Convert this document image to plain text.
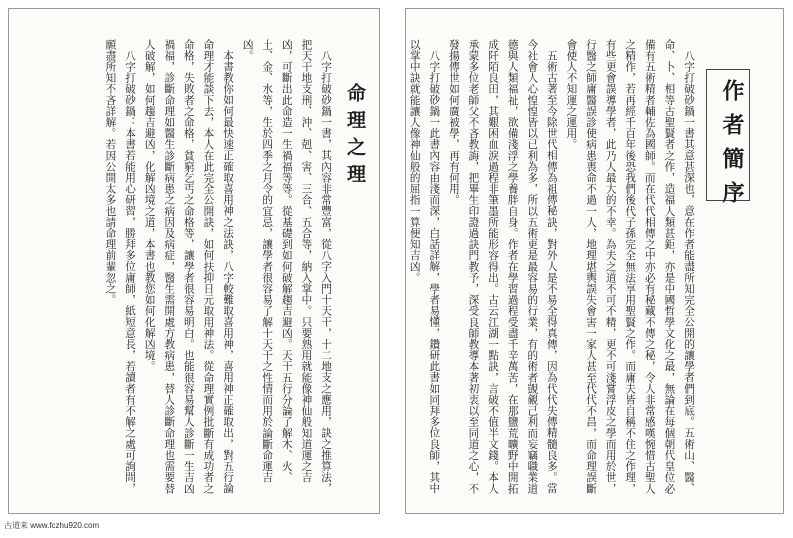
命理之理

八字打破砂鍋一書，其內容非常豐富，從八字入門十天干，十二地支之應用，訣之推算法，把天干地支刑、沖、剋、害、三合、五合等，納入掌中。只要熟用就能像神仙般知道運之吉凶，可斷出此命造一生禍福等等。從基礎到如何破解趨吉避凶。天干五行分論了解木、火、土、金、水等，生於四季之月令的宜忌，讓學者很容易了解十天干之性情而用於論斷命運吉凶。

本書教你如何最快速正確取喜用神之法訣，八字較難取喜用神，喜用神正確取出，對五行論命理才能談下去，本人在此完全公開訣，如何扶抑日元取用神法。從命理實例批斷有成功者之命格，失敗者之命格，貧窮乞丐之命格等，讓學者很容易明白。也能很容易幫人診斷一生吉凶禍福，診斷命理如醫生診斷病患之病因及病症，醫生需開處方教病患，替人診斷命理也需要替人破解，如何趨吉避凶，化解凶境之道，本書也教您如何化解凶境。

八字打破砂鍋：本書若能用心研習，勝拜多位庸師，紙短意長，若讀者有不解之處可詢問，願盡所知不吝詳解。若因公開太多也請命理前輩忽之。	作者簡序

八字打破砂鍋一書其意甚深也，意在作者能盡所知完全公開的讓學者們到底。五術山、醫、命、卜、相等古聖賢者之作，造福人類甚鉅，亦是中國哲學文化之最，無論在每個朝代皇位必備有五術精者輔佐為國師。而在代代相傳之中亦必有秘藏不傳之秘，令人非常感嘆惋惜古聖人之精作，若再經千百年後恐我們後代子孫完全無法享用聖賢之作。而庸夫皆自稱不住之作理，有些更會誤導學者，此乃人最大的不幸。為夫之道不可不精，更不可淺嘗浮皮之學而用於世，行醫之師庸醫誤診使病患喪命不過一人，地理堪輿誤失會害一家人甚至代代不昌，而命理誤斷會使人不知運之運用。

五術古著至今除世代相傳為祖傳秘訣，對外人是不易全得真傳，因為代代失傳精髓良多。當今社會人心惶惶皆以已利為多，所以五術更是最容易的行業，有的術者覬覦己利而妄竊職業道德與人類福祉，欲備淺浮之學養胖自身。作者在學習過程受盡千辛萬苦，在那鹽荒曠野中開拓成阡陌良田，其艱困血淚過程非筆墨所能形容得出。古云江湖一點訣，言破不值半文錢。本人承蒙多位老師父不吝教誨，把畢生印證過訣門教予，深受良師教導本著初衷以至同道之心，不發揚傳世如何廣被學，再有何用。

八字打破砂鍋一此書內容由淺而深，白話詳解，學者易懂，鑽研此書如同拜多位良師，其中以掌中訣就能讓人像神仙般的屈指一算便知吉凶。

古道来 www.fczhu920.com
